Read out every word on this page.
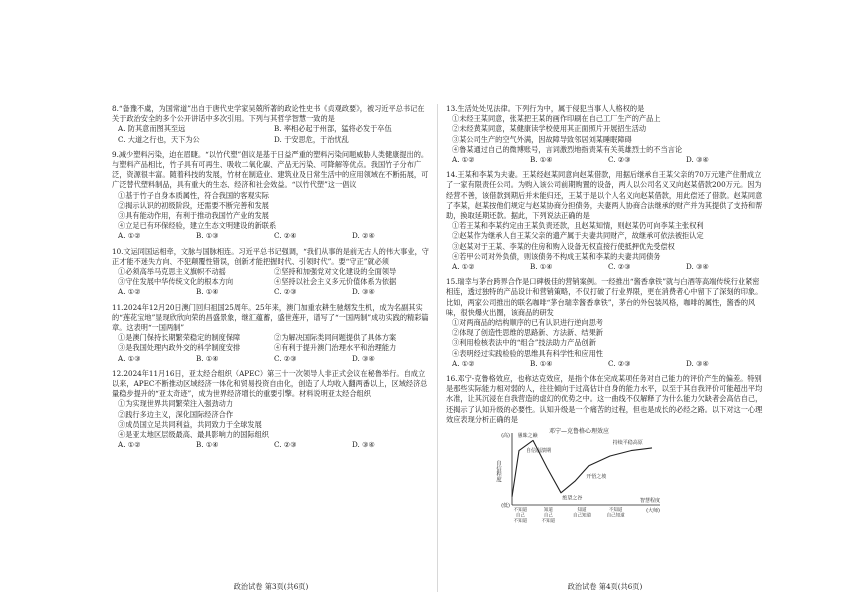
8.“备豫不虞，为国常道”出自于唐代史学家吴兢所著的政论性史书《贞观政要》，被习近平总书记在关于政治安全的多个公开讲话中多次引用。下列与其哲学智慧一致的是
A. 防其意而图其至远	B. 率相必起于州部，猛将必发于卒伍
C. 大道之行也，天下为公	D. 于安思危，于治忧乱
9.减少塑料污染，迫在眉睫。“以竹代塑”倡议是基于日益严重的塑料污染问题威胁人类健康提出的。与塑料产品相比，竹子具有可再生、吸收二氧化碳、产品无污染、可降解等优点。我国竹子分布广泛，资源很丰富。随着科技的发展，竹材在制造业、建筑业及日常生活中的应用领域在不断拓展，可广泛替代塑料制品，具有重大的生态、经济和社会效益。“以竹代塑”这一倡议
①基于竹子自身本质属性，符合我国的客观实际
②揭示认识的初级阶段，还需要不断完善和发展
③具有能动作用，有利于推动我国竹产业的发展
④立足已有环保经验，建立生态文明建设的新联系
A. ①②	B. ①③	C. ②④	D. ②④
10.文运同国运相牵，文脉与国脉相连。习近平总书记强调，“我们从事的是前无古人的伟大事业，守正才能不迷失方向、不犯颠覆性错误，创新才能把握时代、引领时代”。要“守正”就必须
①必须高举马克思主义旗帜不动摇	②坚持和加强党对文化建设的全面领导
③守住发展中华传统文化的根本方向	④坚持以社会主义多元价值体系为依据
A. ①②	B. ①④	C. ②③	D. ③④
11.2024年12月20日澳门回归祖国25周年。25年来，澳门加重农耕生驰烟发生机，成为名副其实的“莲花宝地”显现欣欣向荣的昌盛景象，继汇蕴蓄，盛世莲开，谱写了“一国两制”成功实践的精彩篇章。这表明“一国两制”
①是澳门保持长期繁荣稳定的制度保障	②为解决国际类同问题提供了具体方案
③是我国处理内政外交的科学制度安排	④有利于提升澳门治理水平和治理能力
A. ①③	B. ①④	C. ②③	D. ③④
12.2024年11月16日，亚太经合组织（APEC）第三十一次领导人非正式会议在秘鲁举行。自成立以来，APEC不断推动区域经济一体化和贸易投资自由化，创造了人均收入翻两番以上，区域经济总量稳步提升的“亚太奇迹”，成为世界经济增长的重要引擎。材料说明亚太经合组织
①为实现世界共同繁荣注入强劲动力
②践行多边主义，深化国际经济合作
③成员国立足共同利益，共同致力于全球发展
④是亚太地区层级最高、最具影响力的国际组织
A. ①②	B. ①④	C. ②③	D. ③④
政治试卷 第3页(共6页)
13.生活处处见法律。下列行为中，属于侵犯当事人人格权的是
①未经王某同意，张某把王某的画作印刷在自己工厂生产的产品上
②未经黄某同意，某健康读学校使用其正面照片开展招生活动
③某公司生产的空气外满，因故障导致邻居刘某睡眠障碍
④鲁某通过自己的微博账号，言词激烈地指责某有关英雄烈士的不当言论
A. ①②	B. ①④	C. ②③	D. ③④
14.王某和李某为夫妻。王某经赵某同意向赵某借款，用据后继承自王某父亲的70万元建产住册成立了一家有限责任公司。为购入该公司前期购置的设备，两人以公司名义又向赵某借款200万元。因为经营不善，该借款到期后并未能归还，王某于是以个人名义向赵某借款，用此偿还了借款。赵某同意了李某，赵某按他们规定与赵某协商分担债务，夫妻两人协商合法继承的财产并为其提供了支持和帮助，换取延期还款。据此，下列说法正确的是
①若王某和李某约定由王某负责还款，且赵某知情，则赵某仍可向李某主张权利
②赵某作为继承人自王某父亲的遗产属于夫妻共同财产，故继承可依法被拒认定
③赵某对于王某、李某的住房和购入设备无权直接行使抵押优先受偿权
④若甲公司对外负债，则该债务不构成王某和李某的夫妻共同债务
A. ①②	B. ①④	C. ②③	D. ③④
15.瑞幸与茅台跨界合作是口碑极佳的营销案例。一经推出“酱香拿铁”就与白酒等高端传统行业紧密相连，透过独特的产品设计和营销策略，不仅打破了行业界限，更在消费者心中留下了深刻的印象。比如，两家公司推出的联名咖啡“茅台瑞幸酱香拿铁”，茅台的外包装风格，咖啡的属性，酱香的风味，很快爆火出圈，该商品的研发
①对两商品的结构顺序的已有认识进行逆向思考
②体现了创造性思维的思路新、方法新、结果新
③利用检核表法中的“组合”技法助力产品创新
④表明经过实践检验的思维具有科学性和应用性
A. ①②	B. ①④	C. ②③	D. ③④
16.邓宁-克鲁格效应，也称达克效应，是指个体在完成某项任务对自己能力的评价产生的偏差。特别是那些实际能力相对弱的人，往往倾向于过高估计自身的能力水平，以至于其自我评价可能超出平均水准，让其沉浸在自我营造的虚幻的优势之中。这一曲线不仅解释了为什么能力欠缺者会高估自己，还揭示了认知升级的必要性。认知升级是一个痛苦的过程，但也是成长的必经之路。以下对这一心理效应表现分析正确的是
邓宁—克鲁格心理效应
(高)
(低)
智慧程度
(大师)
自信程度
愚昧之巅
自信崩溃期
绝望之谷
开悟之坡
持续平稳高原
不知道
自己
不知道
知道
自己
不知道
知道
自己知道
不知道
自己知道
政治试卷 第4页(共6页)
